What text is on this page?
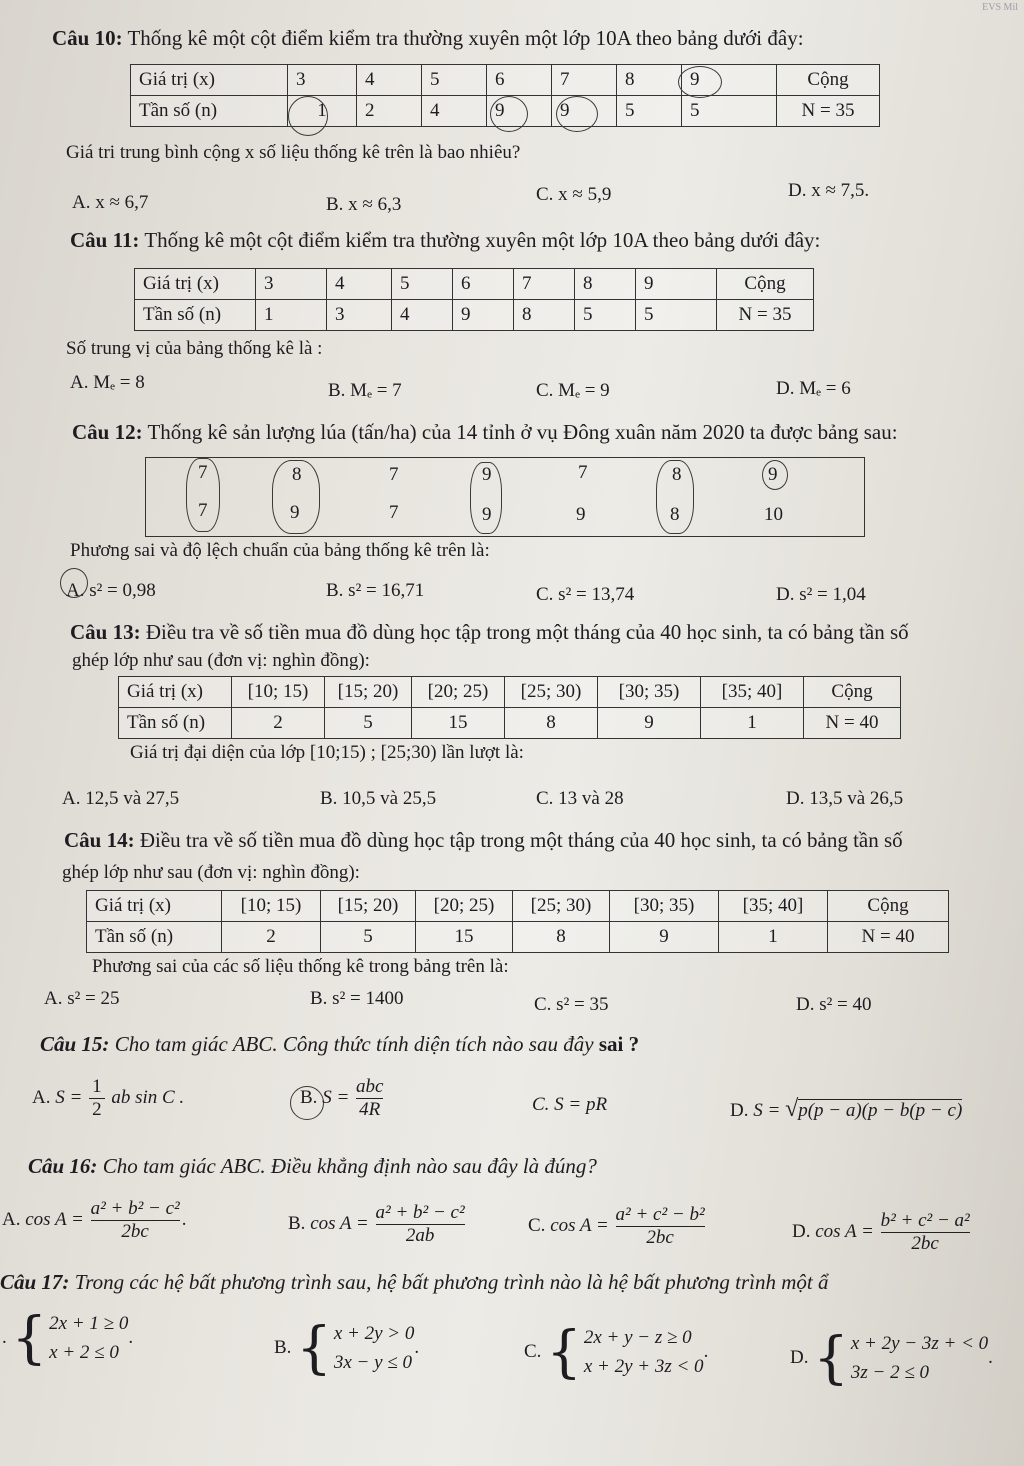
EVS Mil
Câu 10: Thống kê một cột điểm kiểm tra thường xuyên một lớp 10A theo bảng dưới đây:
Giá trị (x)	3	4	5	6	7	8	9	Cộng
Tần số (n)	1	2	4	9	9	5	5	N = 35
Giá tri trung bình cộng x số liệu thống kê trên là bao nhiêu?
A. x ≈ 6,7	B. x ≈ 6,3	C. x ≈ 5,9	D. x ≈ 7,5.
Câu 11: Thống kê một cột điểm kiểm tra thường xuyên một lớp 10A theo bảng dưới đây:
Giá trị (x)	3	4	5	6	7	8	9	Cộng
Tần số (n)	1	3	4	9	8	5	5	N = 35
Số trung vị của bảng thống kê là :
A. Mₑ = 8	B. Mₑ = 7	C. Mₑ = 9	D. Mₑ = 6
Câu 12: Thống kê sản lượng lúa (tấn/ha) của 14 tỉnh ở vụ Đông xuân năm 2020 ta được bảng sau:
7	8	7	9	7	8	9
7	9	7	9	9	8	10
Phương sai và độ lệch chuẩn của bảng thống kê trên là:
A. s² = 0,98	B. s² = 16,71	C. s² = 13,74	D. s² = 1,04
Câu 13: Điều tra về số tiền mua đồ dùng học tập trong một tháng của 40 học sinh, ta có bảng tần số
ghép lớp như sau (đơn vị: nghìn đồng):
Giá trị (x)	[10; 15)	[15; 20)	[20; 25)	[25; 30)	[30; 35)	[35; 40]	Cộng
Tần số (n)	2	5	15	8	9	1	N = 40
Giá trị đại diện của lớp [10;15) ; [25;30) lần lượt là:
A. 12,5 và 27,5	B. 10,5 và 25,5	C. 13 và 28	D. 13,5 và 26,5
Câu 14: Điều tra về số tiền mua đồ dùng học tập trong một tháng của 40 học sinh, ta có bảng tần số
ghép lớp như sau (đơn vị: nghìn đồng):
Giá trị (x)	[10; 15)	[15; 20)	[20; 25)	[25; 30)	[30; 35)	[35; 40]	Cộng
Tần số (n)	2	5	15	8	9	1	N = 40
Phương sai của các số liệu thống kê trong bảng trên là:
A. s² = 25	B. s² = 1400	C. s² = 35	D. s² = 40
Câu 15: Cho tam giác ABC. Công thức tính diện tích nào sau đây sai ?
A. $S = \frac{1}{2}$ ab sin C .	B. $S = \frac{\text{abc}}{4R}$	C. S = pR	D. S = √p(p − a)(p − b(p − c)
Câu 16: Cho tam giác ABC. Điều khẳng định nào sau đây là đúng?
A. $\cos A = \frac{\text{a² + b² − c²}}{2bc}$ .	B. $\cos A = \frac{\text{a² + b² − c²}}{2ab}$	C. $\cos A = \frac{\text{a² + c² − b²}}{2bc}$	D. $\cos A = \frac{\text{b² + c² − a²}}{2bc}$
Câu 17: Trong các hệ bất phương trình sau, hệ bất phương trình nào là hệ bất phương trình một ẩ
. { 2x + 1 ≥ 0
x + 2 ≤ 0
.	B. { x + 2y > 0
3x − y ≤ 0
.	C. { 2x + y − z ≥ 0
x + 2y + 3z < 0
.	D. { x + 2y − 3z + < 0
3z − 2 ≤ 0
.
